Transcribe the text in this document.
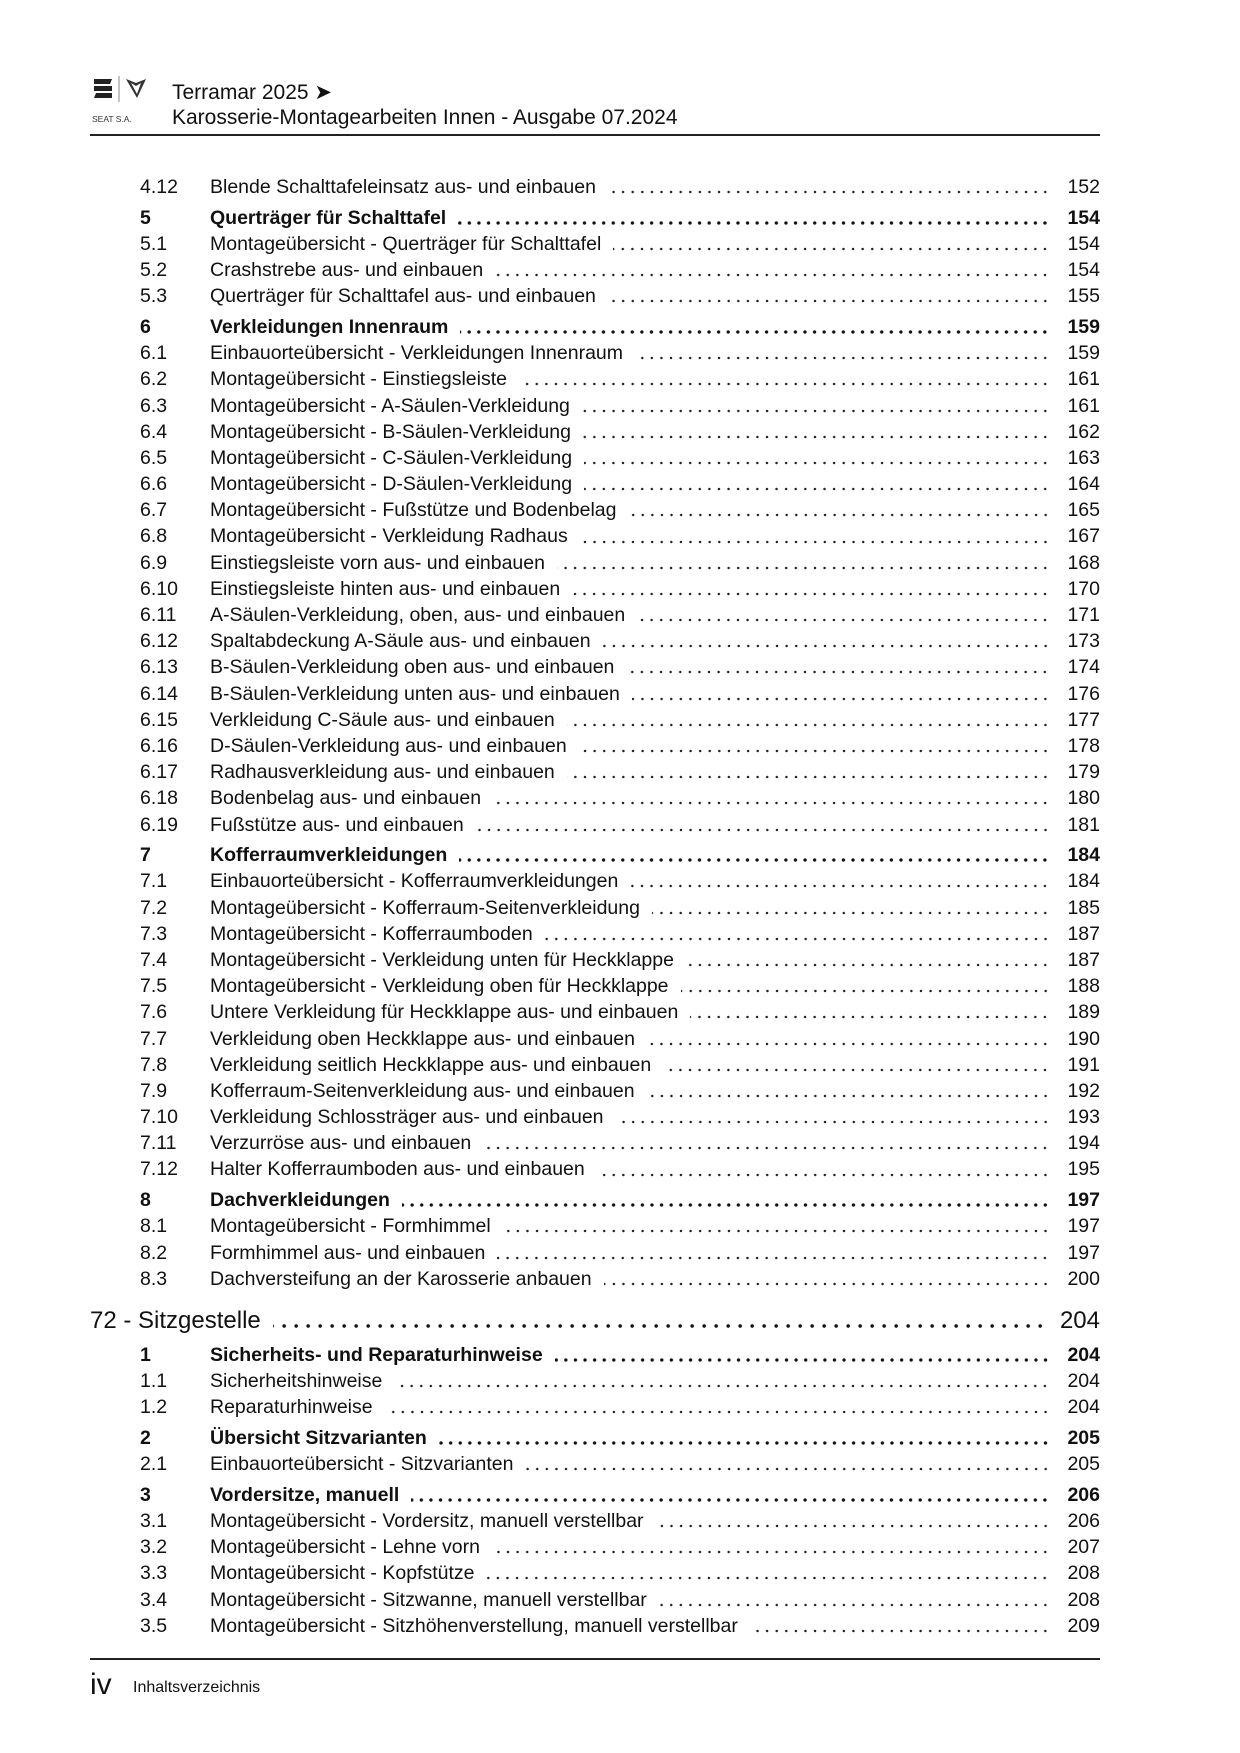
SEAT S.A.
Terramar 2025 ➤
Karosserie-Montagearbeiten Innen - Ausgabe 07.2024
4.12	Blende Schalttafeleinsatz aus- und einbauen	152
5	Querträger für Schalttafel	154
5.1	Montageübersicht - Querträger für Schalttafel	154
5.2	Crashstrebe aus- und einbauen	154
5.3	Querträger für Schalttafel aus- und einbauen	155
6	Verkleidungen Innenraum	159
6.1	Einbauorteübersicht - Verkleidungen Innenraum	159
6.2	Montageübersicht - Einstiegsleiste	161
6.3	Montageübersicht - A-Säulen-Verkleidung	161
6.4	Montageübersicht - B-Säulen-Verkleidung	162
6.5	Montageübersicht - C-Säulen-Verkleidung	163
6.6	Montageübersicht - D-Säulen-Verkleidung	164
6.7	Montageübersicht - Fußstütze und Bodenbelag	165
6.8	Montageübersicht - Verkleidung Radhaus	167
6.9	Einstiegsleiste vorn aus- und einbauen	168
6.10	Einstiegsleiste hinten aus- und einbauen	170
6.11	A-Säulen-Verkleidung, oben, aus- und einbauen	171
6.12	Spaltabdeckung A-Säule aus- und einbauen	173
6.13	B-Säulen-Verkleidung oben aus- und einbauen	174
6.14	B-Säulen-Verkleidung unten aus- und einbauen	176
6.15	Verkleidung C-Säule aus- und einbauen	177
6.16	D-Säulen-Verkleidung aus- und einbauen	178
6.17	Radhausverkleidung aus- und einbauen	179
6.18	Bodenbelag aus- und einbauen	180
6.19	Fußstütze aus- und einbauen	181
7	Kofferraumverkleidungen	184
7.1	Einbauorteübersicht - Kofferraumverkleidungen	184
7.2	Montageübersicht - Kofferraum-Seitenverkleidung	185
7.3	Montageübersicht - Kofferraumboden	187
7.4	Montageübersicht - Verkleidung unten für Heckklappe	187
7.5	Montageübersicht - Verkleidung oben für Heckklappe	188
7.6	Untere Verkleidung für Heckklappe aus- und einbauen	189
7.7	Verkleidung oben Heckklappe aus- und einbauen	190
7.8	Verkleidung seitlich Heckklappe aus- und einbauen	191
7.9	Kofferraum-Seitenverkleidung aus- und einbauen	192
7.10	Verkleidung Schlossträger aus- und einbauen	193
7.11	Verzurröse aus- und einbauen	194
7.12	Halter Kofferraumboden aus- und einbauen	195
8	Dachverkleidungen	197
8.1	Montageübersicht - Formhimmel	197
8.2	Formhimmel aus- und einbauen	197
8.3	Dachversteifung an der Karosserie anbauen	200
72 - Sitzgestelle	204
1	Sicherheits- und Reparaturhinweise	204
1.1	Sicherheitshinweise	204
1.2	Reparaturhinweise	204
2	Übersicht Sitzvarianten	205
2.1	Einbauorteübersicht - Sitzvarianten	205
3	Vordersitze, manuell	206
3.1	Montageübersicht - Vordersitz, manuell verstellbar	206
3.2	Montageübersicht - Lehne vorn	207
3.3	Montageübersicht - Kopfstütze	208
3.4	Montageübersicht - Sitzwanne, manuell verstellbar	208
3.5	Montageübersicht - Sitzhöhenverstellung, manuell verstellbar	209
iv Inhaltsverzeichnis
